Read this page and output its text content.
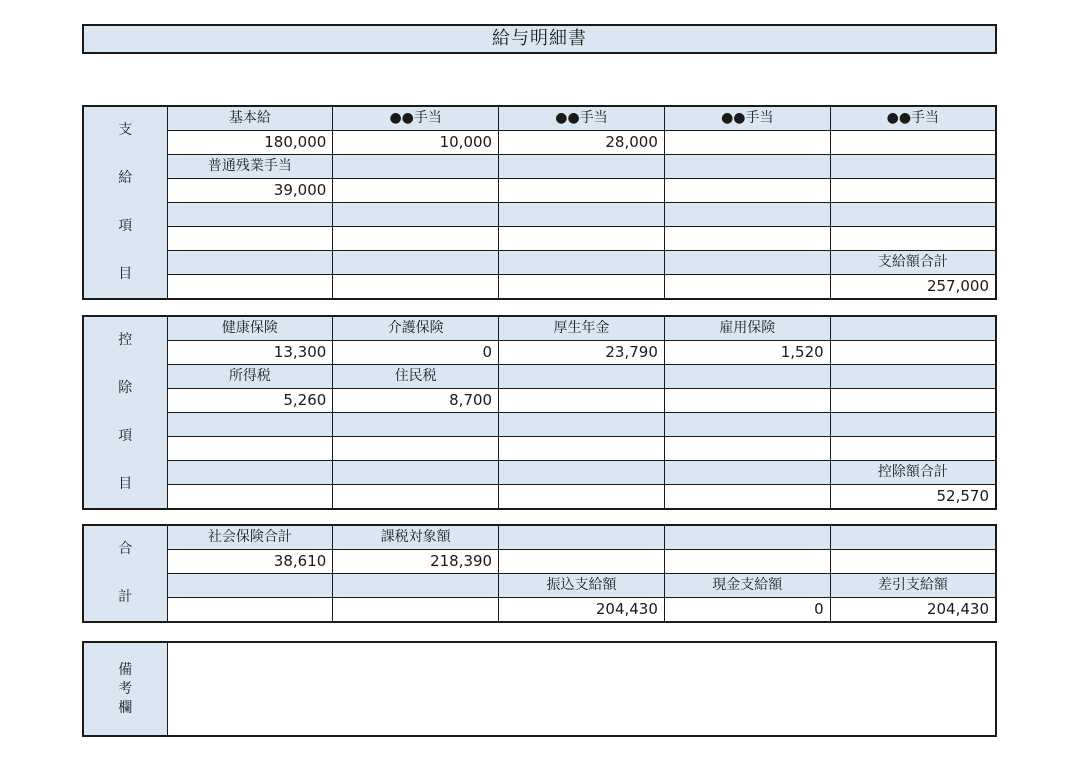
給与明細書
支
給
項
目	基本給	●●手当	●●手当	●●手当	●●手当
	180,000	10,000	28,000		
	普通残業手当				
	39,000				

					支給額合計
					257,000
控
除
項
目	健康保険	介護保険	厚生年金	雇用保険	
	13,300	0	23,790	1,520	
	所得税	住民税			
	5,260	8,700			

					控除額合計
					52,570
合
計	社会保険合計	課税対象額			
	38,610	218,390			
			振込支給額	現金支給額	差引支給額
			204,430	0	204,430
備
考
欄
